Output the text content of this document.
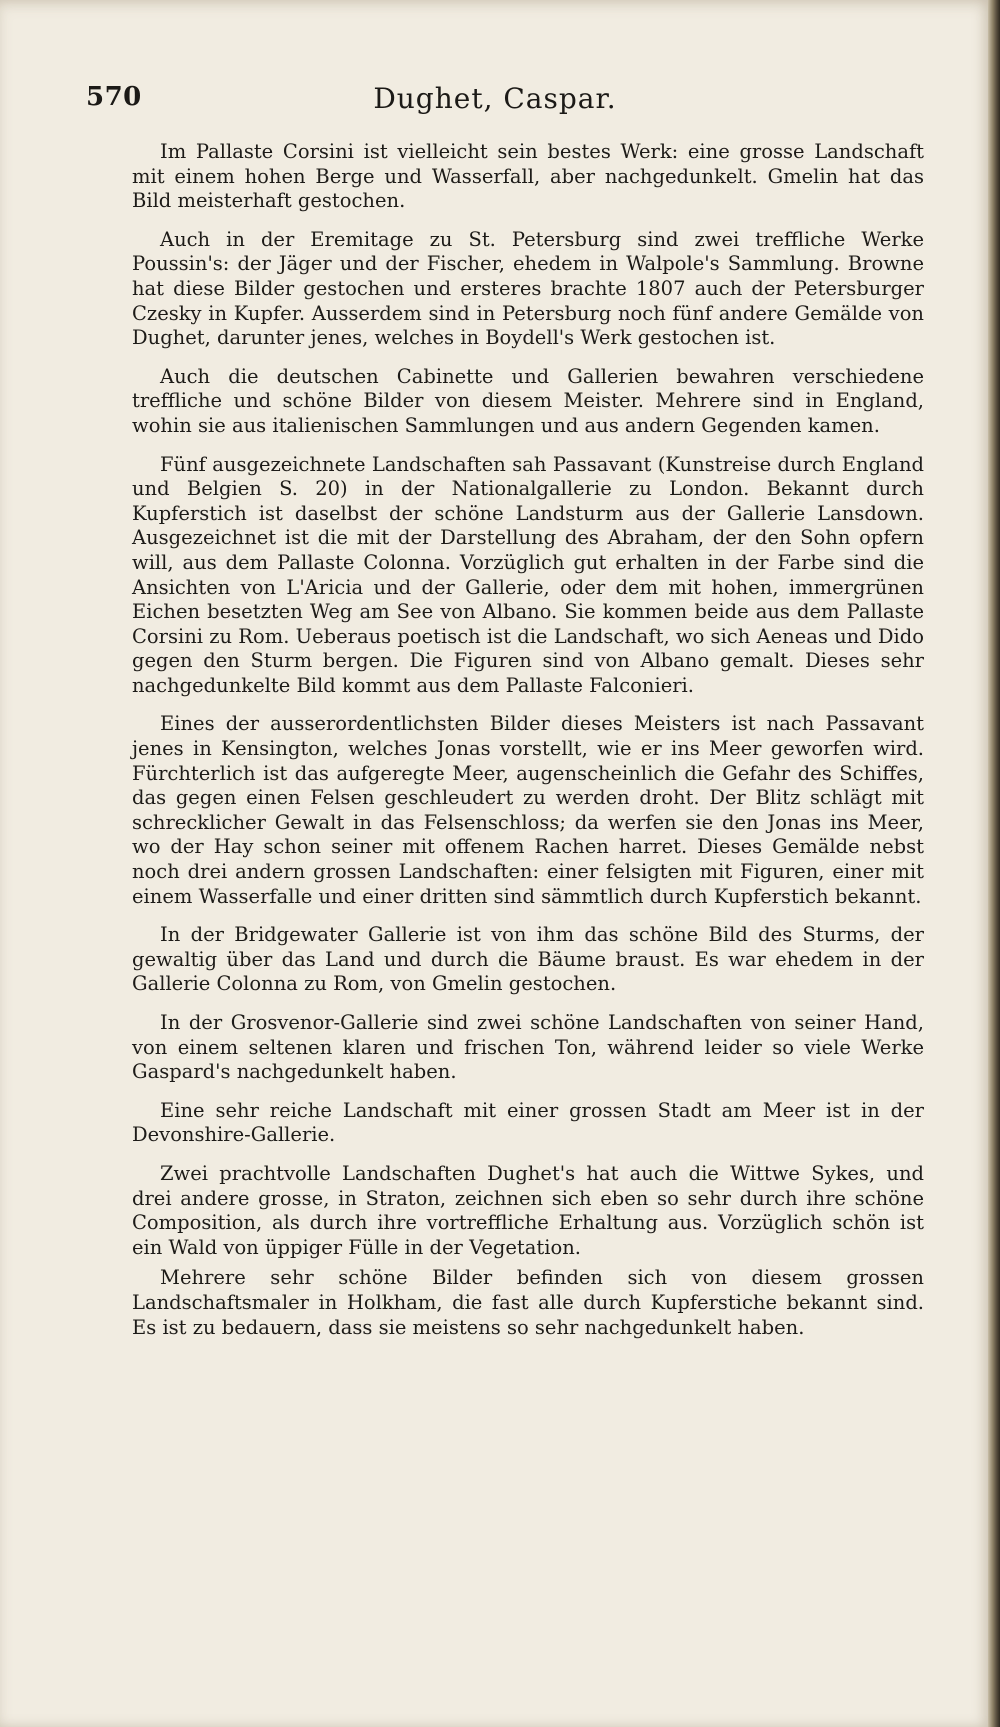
570	Dughet, Caspar.

Im Pallaste Corsini ist vielleicht sein bestes Werk: eine grosse Landschaft mit einem hohen Berge und Wasserfall, aber nachgedunkelt. Gmelin hat das Bild meisterhaft gestochen.

Auch in der Eremitage zu St. Petersburg sind zwei treffliche Werke Poussin's: der Jäger und der Fischer, ehedem in Walpole's Sammlung. Browne hat diese Bilder gestochen und ersteres brachte 1807 auch der Petersburger Czesky in Kupfer. Ausserdem sind in Petersburg noch fünf andere Gemälde von Dughet, darunter jenes, welches in Boydell's Werk gestochen ist.

Auch die deutschen Cabinette und Gallerien bewahren verschiedene treffliche und schöne Bilder von diesem Meister. Mehrere sind in England, wohin sie aus italienischen Sammlungen und aus andern Gegenden kamen.

Fünf ausgezeichnete Landschaften sah Passavant (Kunstreise durch England und Belgien S. 20) in der Nationalgallerie zu London. Bekannt durch Kupferstich ist daselbst der schöne Landsturm aus der Gallerie Lansdown. Ausgezeichnet ist die mit der Darstellung des Abraham, der den Sohn opfern will, aus dem Pallaste Colonna. Vorzüglich gut erhalten in der Farbe sind die Ansichten von L'Aricia und der Gallerie, oder dem mit hohen, immergrünen Eichen besetzten Weg am See von Albano. Sie kommen beide aus dem Pallaste Corsini zu Rom. Ueberaus poetisch ist die Landschaft, wo sich Aeneas und Dido gegen den Sturm bergen. Die Figuren sind von Albano gemalt. Dieses sehr nachgedunkelte Bild kommt aus dem Pallaste Falconieri.

Eines der ausserordentlichsten Bilder dieses Meisters ist nach Passavant jenes in Kensington, welches Jonas vorstellt, wie er ins Meer geworfen wird. Fürchterlich ist das aufgeregte Meer, augenscheinlich die Gefahr des Schiffes, das gegen einen Felsen geschleudert zu werden droht. Der Blitz schlägt mit schrecklicher Gewalt in das Felsenschloss; da werfen sie den Jonas ins Meer, wo der Hay schon seiner mit offenem Rachen harret. Dieses Gemälde nebst noch drei andern grossen Landschaften: einer felsigten mit Figuren, einer mit einem Wasserfalle und einer dritten sind sämmtlich durch Kupferstich bekannt.

In der Bridgewater Gallerie ist von ihm das schöne Bild des Sturms, der gewaltig über das Land und durch die Bäume braust. Es war ehedem in der Gallerie Colonna zu Rom, von Gmelin gestochen.

In der Grosvenor-Gallerie sind zwei schöne Landschaften von seiner Hand, von einem seltenen klaren und frischen Ton, während leider so viele Werke Gaspard's nachgedunkelt haben.

Eine sehr reiche Landschaft mit einer grossen Stadt am Meer ist in der Devonshire-Gallerie.

Zwei prachtvolle Landschaften Dughet's hat auch die Wittwe Sykes, und drei andere grosse, in Straton, zeichnen sich eben so sehr durch ihre schöne Composition, als durch ihre vortreffliche Erhaltung aus. Vorzüglich schön ist ein Wald von üppiger Fülle in der Vegetation.

Mehrere sehr schöne Bilder befinden sich von diesem grossen Landschaftsmaler in Holkham, die fast alle durch Kupferstiche bekannt sind. Es ist zu bedauern, dass sie meistens so sehr nachgedunkelt haben.
